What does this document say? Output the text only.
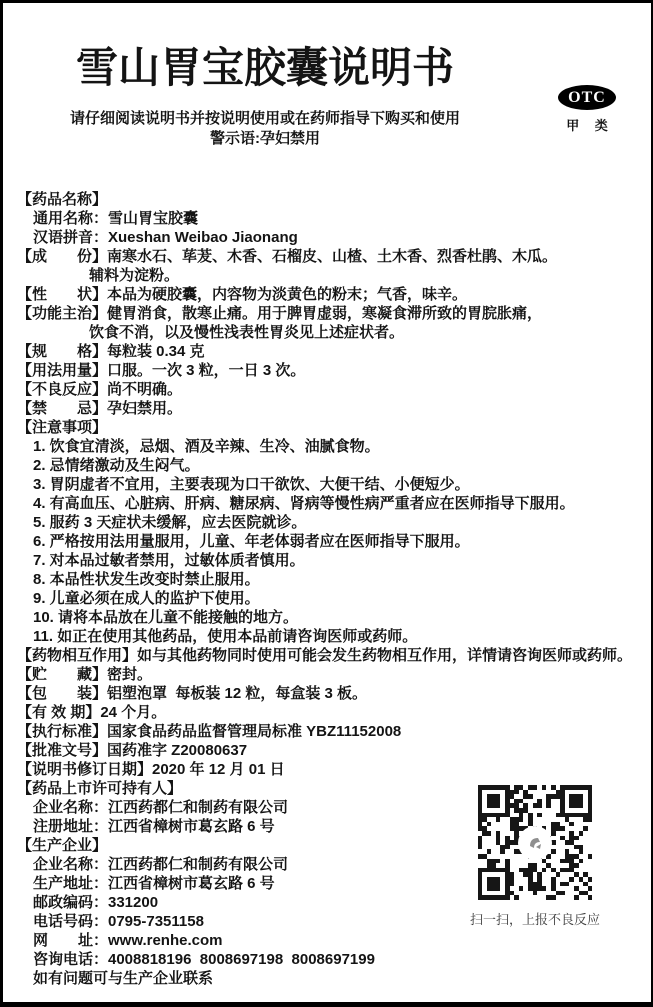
雪山胃宝胶囊说明书
请仔细阅读说明书并按说明使用或在药师指导下购买和使用
警示语:孕妇禁用
OTC
甲 类
【药品名称】
通用名称：雪山胃宝胶囊
汉语拼音：Xueshan Weibao Jiaonang
【成　　份】南寒水石、荜茇、木香、石榴皮、山楂、土木香、烈香杜鹃、木瓜。
辅料为淀粉。
【性　　状】本品为硬胶囊，内容物为淡黄色的粉末；气香，味辛。
【功能主治】健胃消食，散寒止痛。用于脾胃虚弱，寒凝食滞所致的胃脘胀痛，
饮食不消，以及慢性浅表性胃炎见上述症状者。
【规　　格】每粒装 0.34 克
【用法用量】口服。一次 3 粒，一日 3 次。
【不良反应】尚不明确。
【禁　　忌】孕妇禁用。
【注意事项】
1. 饮食宜清淡，忌烟、酒及辛辣、生冷、油腻食物。
2. 忌情绪激动及生闷气。
3. 胃阴虚者不宜用，主要表现为口干欲饮、大便干结、小便短少。
4. 有高血压、心脏病、肝病、糖尿病、肾病等慢性病严重者应在医师指导下服用。
5. 服药 3 天症状未缓解，应去医院就诊。
6. 严格按用法用量服用，儿童、年老体弱者应在医师指导下服用。
7. 对本品过敏者禁用，过敏体质者慎用。
8. 本品性状发生改变时禁止服用。
9. 儿童必须在成人的监护下使用。
10. 请将本品放在儿童不能接触的地方。
11. 如正在使用其他药品，使用本品前请咨询医师或药师。
【药物相互作用】如与其他药物同时使用可能会发生药物相互作用，详情请咨询医师或药师。
【贮　　藏】密封。
【包　　装】铝塑泡罩  每板装 12 粒，每盒装 3 板。
【有 效 期】24 个月。
【执行标准】国家食品药品监督管理局标准 YBZ11152008
【批准文号】国药准字 Z20080637
【说明书修订日期】2020 年 12 月 01 日
【药品上市许可持有人】
企业名称：江西药都仁和制药有限公司
注册地址：江西省樟树市葛玄路 6 号
【生产企业】
企业名称：江西药都仁和制药有限公司
生产地址：江西省樟树市葛玄路 6 号
邮政编码：331200
电话号码：0795-7351158
网　　址：www.renhe.com
咨询电话：4008818196  8008697198  8008697199
如有问题可与生产企业联系
扫一扫，上报不良反应
